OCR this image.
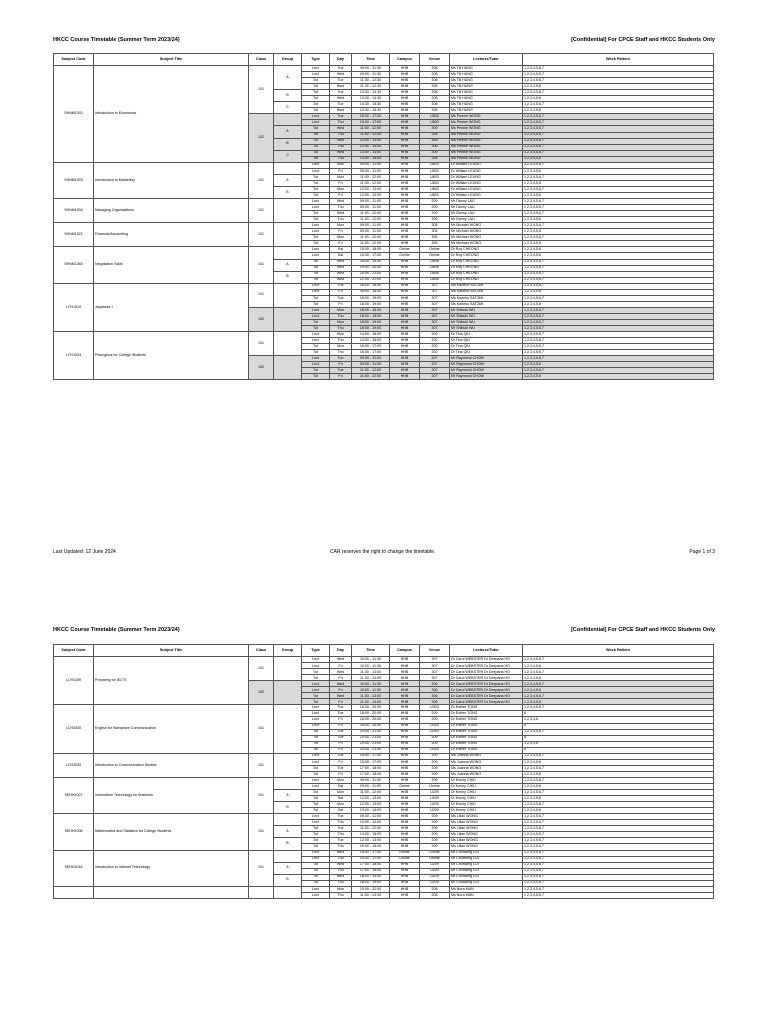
HKCC Course Timetable (Summer Term 2023/24)	[Confidential] For CPCE Staff and HKCC Students Only
Subject Code	Subject Title	Class	Group	Type	Day	Time	Campus	Venue	Lecturer/Tutor	Week Pattern
SHNM1002	Introduction to Economics	101	A	Lect	Tue	09:00 - 11:30	HHB	208	Ms Tili HUNG	1,2,3,4,5,6,7
				Lect	Wed	09:00 - 11:30	HHB	208	Ms Tili HUNG	1,2,3,4,5,6,7
				Tut	Tue	11:30 - 12:30	HHB	208	Ms Tili HUNG	1,2,3,4,5,6,7
				Tut	Wed	11:30 - 12:30	HHB	208	Ms Tili HUNG	1,2,3,4,5,6
			B	Tut	Tue	13:30 - 14:30	HHB	208	Ms Tili HUNG	1,2,3,4,5,6,7
				Tut	Wed	13:30 - 14:30	HHB	208	Ms Tili HUNG	1,2,3,4,5,6
			C	Tut	Tue	14:30 - 15:30	HHB	208	Ms Tili HUNG	1,2,3,4,5,6,7
				Tut	Wed	14:30 - 15:30	HHB	208	Ms Tili HUNG	1,2,3,4,5,6
		102		Lect	Tue	15:00 - 17:00	HHB	U603	Ms Pennie WONG	1,2,3,4,5,6,7
				Lect	Thu	15:00 - 17:00	HHB	U603	Ms Pennie WONG	1,2,3,4,5,6,7
			A	Tut	Wed	11:00 - 12:00	HHB	309	Ms Pennie WONG	1,2,3,4,5,6,7
				Tut	Thu	11:00 - 12:00	HHB	306	Ms Pennie WONG	1,2,3,4,5,6,7
			B	Tut	Wed	12:00 - 13:00	HHB	309	Ms Pennie WONG	1,2,3,4,5,6,7
				Tut	Thu	12:00 - 13:00	HHB	306	Ms Pennie WONG	1,2,3,4,5,6,7
			C	Tut	Wed	13:00 - 14:00	HHB	309	Ms Pennie WONG	1,2,3,4,5,6,7
				Tut	Thu	14:00 - 15:00	HHB	306	Ms Pennie WONG	1,2,3,4,5,6
SHNM1003	Introduction to Marketing	101		Lect	Mon	09:00 - 11:00	HHB	U603	Dr William LEUNG	1,2,3,4,5,6,7
				Lect	Fri	09:00 - 11:00	HHB	U603	Dr William LEUNG	1,2,3,4,5,6
			A	Tut	Mon	11:00 - 12:00	HHB	U603	Dr William LEUNG	1,2,3,4,5,6,7
				Tut	Fri	11:00 - 12:00	HHB	U603	Dr William LEUNG	1,2,3,4,5,6
			B	Tut	Mon	12:00 - 13:00	HHB	U603	Dr William LEUNG	1,2,3,4,5,6,7
				Tut	Fri	12:00 - 13:00	HHB	U603	Dr William LEUNG	1,2,3,4,5,6
SHNM1004	Managing Organisations	101		Lect	Wed	09:00 - 11:00	HHB	209	Mr Danny LAU	1,2,3,4,5,6,7
				Lect	Thu	09:00 - 11:00	HHB	209	Mr Danny LAU	1,2,3,4,5,6,7
				Tut	Wed	11:00 - 12:00	HHB	209	Mr Danny LAU	1,2,3,4,5,6,7
				Tut	Thu	11:00 - 12:00	HHB	209	Mr Danny LAU	1,2,3,4,5,6
SHNM1021	Financial Accounting	101		Lect	Mon	09:00 - 11:00	HHB	305	Mr Michael WONG	1,2,3,4,5,6,7
				Lect	Fri	09:00 - 11:00	HHB	305	Mr Michael WONG	1,2,3,4,5,6
				Tut	Mon	11:00 - 12:00	HHB	305	Mr Michael WONG	1,2,3,4,5,6,7
				Tut	Fri	11:00 - 12:00	HHB	305	Mr Michael WONG	1,2,3,4,5,6
SHNM1060	Negotiation Skills	101		Lect	Sat	15:00 - 18:00	Online	Online	Dr Roy CHEONG	1,2,3,4,5,6
				Lect	Sat	15:30 - 17:00	Online	Online	Dr Roy CHEONG	1,2,3,4,5,6
			A	Tut	Wed	18:00 - 19:00	HHB	U606	Dr Roy CHEONG	1,2,3,4,5,6,7
				Tut	Wed	19:00 - 20:00	HHB	U606	Dr Roy CHEONG	1,2,3,4,5,6,7
			B	Tut	Wed	20:00 - 21:00	HHB	U606	Dr Roy CHEONG	1,2,3,4,5,6,7
				Tut	Wed	21:00 - 22:00	HHB	U606	Dr Roy CHEONG	1,2,3,4,5,6,7
LCH1019	Japanese I	101		Lect	Tue	16:00 - 18:00	HHB	307	Ms Kaneko SATOMI	1,2,3,4,5,6,7
				Lect	Fri	16:00 - 18:00	HHB	307	Ms Kaneko SATOMI	1,2,3,4,5,6
				Tut	Tue	18:00 - 19:00	HHB	307	Ms Kaneko SATOMI	1,2,3,4,5,6,7
				Tut	Fri	18:00 - 19:00	HHB	307	Ms Kaneko SATOMI	1,2,3,4,5,6
		102		Lect	Mon	16:00 - 18:00	HHB	307	Mr Shibuki WU	1,2,3,4,5,6,7
				Lect	Thu	16:00 - 18:00	HHB	307	Mr Shibuki WU	1,2,3,4,5,6,7
				Tut	Mon	18:00 - 19:00	HHB	307	Mr Shibuki WU	1,2,3,4,5,6,7
				Tut	Thu	18:00 - 19:00	HHB	307	Mr Shibuki WU	1,2,3,4,5,6,7
LCH1024	Putonghua for College Students	101		Lect	Mon	14:00 - 16:00	HHB	202	Dr Tina QIU	1,2,3,4,5,6,7
				Lect	Thu	14:00 - 16:00	HHB	202	Dr Tina QIU	1,2,3,4,5,6,7
				Tut	Mon	16:00 - 17:00	HHB	202	Dr Tina QIU	1,2,3,4,5,6,7
				Tut	Thu	16:00 - 17:00	HHB	202	Dr Tina QIU	1,2,3,4,5,6,7
		102		Lect	Tue	09:00 - 11:00	HHB	207	Mr Raymond CHOW	1,2,3,4,5,6,7
				Lect	Fri	09:00 - 11:00	HHB	207	Mr Raymond CHOW	1,2,3,4,5,6
				Tut	Tue	11:00 - 12:00	HHB	207	Mr Raymond CHOW	1,2,3,4,5,6,7
				Tut	Fri	11:00 - 12:00	HHB	207	Mr Raymond CHOW	1,2,3,4,5,6
Last Updated: 12 June 2024	CAR reserves the right to change the timetable.	Page 1 of 3
HKCC Course Timetable (Summer Term 2023/24)	[Confidential] For CPCE Staff and HKCC Students Only
Subject Code	Subject Title	Class	Group	Type	Day	Time	Campus	Venue	Lecturer/Tutor	Week Pattern
LCH1189	Preparing for IELTS	101		Lect	Wed	10:00 - 11:30	HHB	307	Dr Carol WEBSTER Dr Deepana HO	1,2,3,4,5,6,7
				Lect	Fri	10:00 - 11:30	HHB	307	Dr Carol WEBSTER Dr Deepana HO	1,2,3,4,5,6
				Tut	Wed	11:30 - 13:00	HHB	307	Dr Carol WEBSTER Dr Deepana HO	1,2,3,4,5,6,7
				Tut	Fri	11:30 - 13:00	HHB	307	Dr Carol WEBSTER Dr Deepana HO	1,2,3,4,5,6
		102		Lect	Wed	10:00 - 11:30	HHB	306	Dr Carol WEBSTER Dr Deepana HO	1,2,3,4,5,6,7
				Lect	Fri	10:00 - 11:30	HHB	306	Dr Carol WEBSTER Dr Deepana HO	1,2,3,4,5,6
				Tut	Wed	11:30 - 13:00	HHB	306	Dr Carol WEBSTER Dr Deepana HO	1,2,3,4,5,6,7
				Tut	Fri	11:30 - 13:00	HHB	306	Dr Carol WEBSTER Dr Deepana HO	1,2,3,4,5,6
LCH2030	English for Workplace Communication	101		Lect	Tue	18:00 - 20:00	HHB	U303	Dr Esther TONG	1,2,3,4,5,6,7
				Lect	Tue	18:00 - 20:00	HHB	209	Dr Esther TONG	6
				Lect	Fri	18:00 - 20:00	HHB	209	Dr Esther TONG	1,2,3,4,6
				Lect	Fri	18:00 - 20:00	HHB	U303	Dr Esther TONG	5
				Tut	Tue	20:00 - 21:00	HHB	U303	Dr Esther TONG	1,2,3,4,5,6,7
				Tut	Tue	20:00 - 21:00	HHB	209	Dr Esther TONG	6
				Tut	Fri	20:00 - 21:00	HHB	209	Dr Esther TONG	1,2,3,4,6
				Tut	Fri	20:00 - 21:00	HHB	U303	Dr Esther TONG	5
LCH2039	Introduction to Communication Studies	101		Lect	Tue	15:00 - 17:00	HHB	209	Ms Joanna WONG	1,2,3,4,5,6,7
				Lect	Fri	15:00 - 17:00	HHB	209	Ms Joanna WONG	1,2,3,4,5,6
				Tut	Tue	17:00 - 18:00	HHB	209	Ms Joanna WONG	1,2,3,4,5,6,7
				Tut	Fri	17:00 - 18:00	HHB	209	Ms Joanna WONG	1,2,3,4,5,6
SEHH1007	Information Technology for Business	101		Lect	Mon	09:00 - 11:00	HHB	209	Dr Kenny CHIU	1,2,3,4,5,6,7
				Lect	Sat	09:00 - 11:00	Online	Online	Dr Kenny CHIU	1,2,3,4,5,6
			A	Tut	Mon	11:00 - 12:00	HHB	U209	Dr Kenny CHIU	1,2,3,4,5,6,7
				Tut	Sat	12:00 - 13:00	HHB	U209	Dr Kenny CHIU	1,2,3,4,5,6
			B	Tut	Mon	12:00 - 13:00	HHB	U209	Dr Kenny CHIU	1,2,3,4,5,6,7
				Tut	Sat	13:00 - 14:00	HHB	U209	Dr Kenny CHIU	1,2,3,4,5,6
SEHH1008	Mathematics and Statistics for College Students	101		Lect	Tue	09:00 - 11:00	HHB	209	Ms Lilian WONG	1,2,3,4,5,6,7
				Lect	Thu	10:00 - 12:00	HHB	209	Ms Lilian WONG	1,2,3,4,5,6,7
			A	Tut	Tue	11:00 - 12:00	HHB	209	Ms Lilian WONG	1,2,3,4,5,6,7
				Tut	Thu	14:00 - 15:00	HHB	209	Ms Lilian WONG	1,2,3,4,5,6,7
			B	Tut	Tue	12:00 - 13:00	HHB	209	Ms Lilian WONG	1,2,3,4,5,6,7
				Tut	Thu	15:00 - 16:00	HHB	209	Ms Lilian WONG	1,2,3,4,5,6,7
SEHH1016	Introduction to Internet Technology	101		Lect	Wed	15:00 - 17:00	Online	Online	Mr Chunwing LUI	1,2,3,4,5,6,7
				Lect	Thu	15:00 - 17:00	Online	Online	Mr Chunwing LUI	1,2,3,4,5,6,7
			A	Tut	Wed	17:00 - 18:00	HHB	U209	Mr Chunwing LUI	1,2,3,4,5,6,7
				Tut	Thu	17:00 - 18:00	HHB	U209	Mr Chunwing LUI	1,2,3,4,5,6,7
			B	Tut	Wed	18:00 - 19:00	HHB	U209	Mr Chunwing LUI	1,2,3,4,5,6,7
				Tut	Thu	18:00 - 19:00	HHB	U209	Mr Chunwing LUI	1,2,3,4,5,6,7
				Lect	Mon	10:00 - 12:00	HHB	208	Ms Nora MAN	1,2,3,4,5,6,7
				Lect	Thu	11:30 - 13:30	HHB	208	Ms Nora MAN	1,2,3,4,5,6,7
